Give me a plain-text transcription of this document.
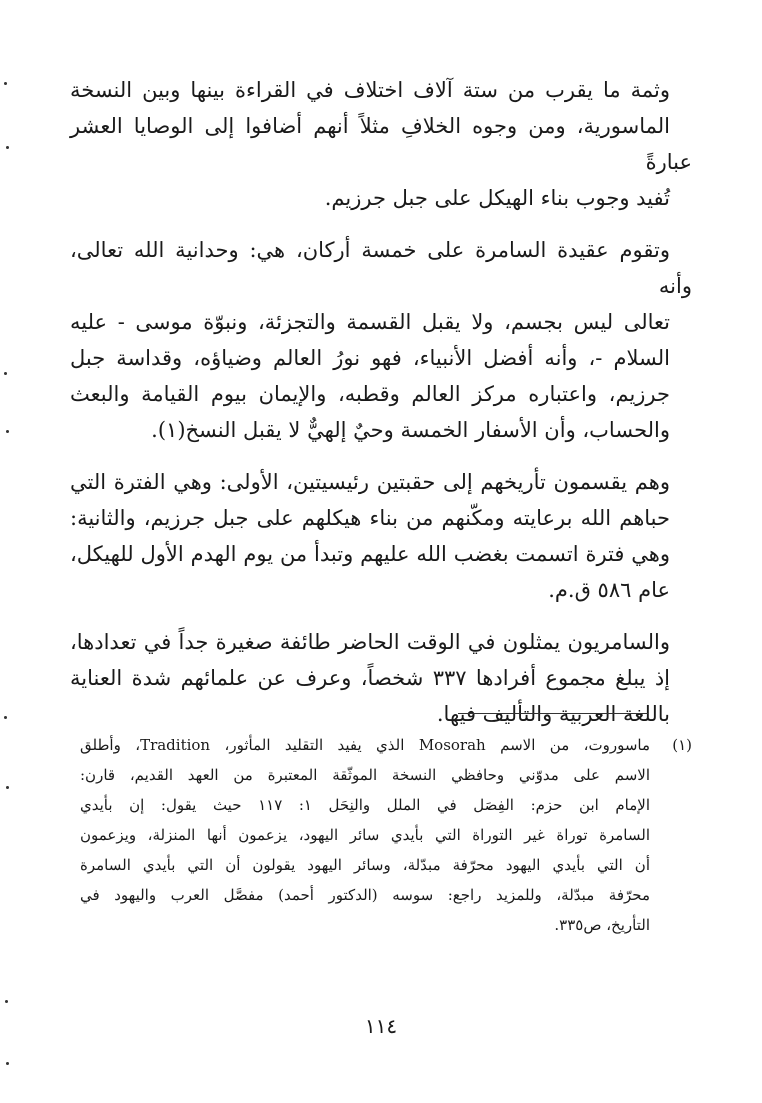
وثمة ما يقرب من ستة آلاف اختلاف في القراءة بينها وبين النسخة
الماسورية، ومن وجوه الخلافِ مثلاً أنهم أضافوا إلى الوصايا العشر عبارةً
تُفيد وجوب بناء الهيكل على جبل جرزيم.
وتقوم عقيدة السامرة على خمسة أركان، هي: وحدانية الله تعالى، وأنه
تعالى ليس بجسم، ولا يقبل القسمة والتجزئة، ونبوّة موسى - عليه
السلام -، وأنه أفضل الأنبياء، فهو نورُ العالم وضياؤه، وقداسة جبل
جرزيم، واعتباره مركز العالم وقطبه، والإيمان بيوم القيامة والبعث
والحساب، وأن الأسفار الخمسة وحيٌ إلهيٌّ لا يقبل النسخ(١).
وهم يقسمون تأريخهم إلى حقبتين رئيسيتين، الأولى: وهي الفترة التي
حباهم الله برعايته ومكّنهم من بناء هيكلهم على جبل جرزيم، والثانية:
وهي فترة اتسمت بغضب الله عليهم وتبدأ من يوم الهدم الأول للهيكل،
عام ٥٨٦ ق.م.
والسامريون يمثلون في الوقت الحاضر طائفة صغيرة جداً في تعدادها،
إذ يبلغ مجموع أفرادها ٣٣٧ شخصاً، وعرف عن علمائهم شدة العناية
باللغة العربية والتأليف فيها.
(١)ماسوروت، من الاسم Mosorah الذي يفيد التقليد المأثور، Tradition، وأطلق
الاسم على مدوّني وحافظي النسخة الموثّقة المعتبرة من العهد القديم، قارن:
الإمام ابن حزم: الفِصَل في الملل والنِحَل ١: ١١٧ حيث يقول: إن بأيدي
السامرة توراة غير التوراة التي بأيدي سائر اليهود، يزعمون أنها المنزلة، ويزعمون
أن التي بأيدي اليهود محرّفة مبدّلة، وسائر اليهود يقولون أن التي بأيدي السامرة
محرّفة مبدّلة، وللمزيد راجع: سوسه (الدكتور أحمد) مفصَّل العرب واليهود في
التأريخ، ص٣٣٥.
١١٤
